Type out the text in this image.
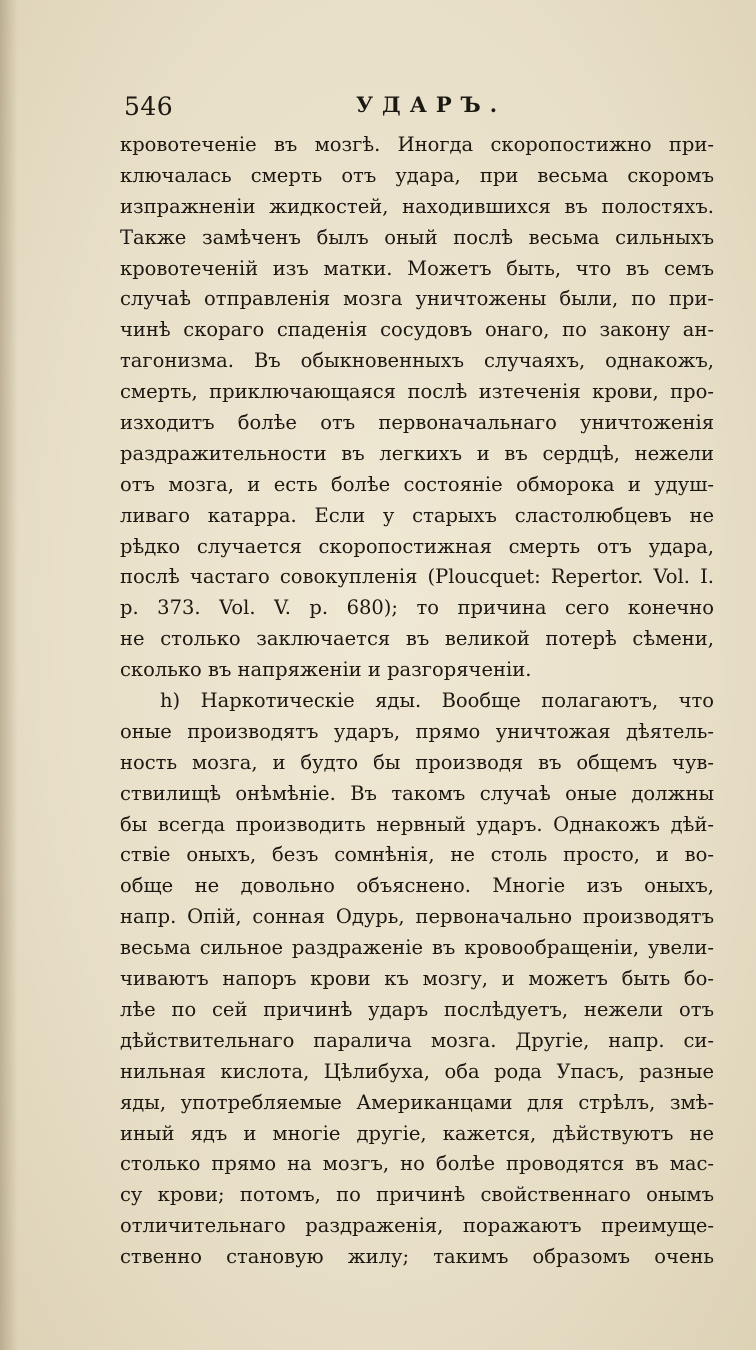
546	УДАРЪ.
кровотеченіе въ мозгѣ. Иногда скоропостижно при-
ключалась смерть отъ удара, при весьма скоромъ
изпражненіи жидкостей, находившихся въ полостяхъ.
Также замѣченъ былъ оный послѣ весьма сильныхъ
кровотеченій изъ матки. Можетъ быть, что въ семъ
случаѣ отправленія мозга уничтожены были, по при-
чинѣ скораго спаденія сосудовъ онаго, по закону ан-
тагонизма. Въ обыкновенныхъ случаяхъ, однакожъ,
смерть, приключающаяся послѣ изтеченія крови, про-
изходитъ болѣе отъ первоначальнаго уничтоженія
раздражительности въ легкихъ и въ сердцѣ, нежели
отъ мозга, и есть болѣе состояніе обморока и удуш-
ливаго катарра. Если у старыхъ сластолюбцевъ не
рѣдко случается скоропостижная смерть отъ удара,
послѣ частаго совокупленія (Ploucquet: Repertor. Vol. I.
p. 373. Vol. V. p. 680); то причина сего конечно
не столько заключается въ великой потерѣ сѣмени,
сколько въ напряженіи и разгоряченіи.
h) Наркотическіе яды. Вообще полагаютъ, что
оные производятъ ударъ, прямо уничтожая дѣятель-
ность мозга, и будто бы производя въ общемъ чув-
ствилищѣ онѣмѣніе. Въ такомъ случаѣ оные должны
бы всегда производить нервный ударъ. Однакожъ дѣй-
ствіе оныхъ, безъ сомнѣнія, не столь просто, и во-
обще не довольно объяснено. Многіе изъ оныхъ,
напр. Опій, сонная Одурь, первоначально производятъ
весьма сильное раздраженіе въ кровообращеніи, увели-
чиваютъ напоръ крови къ мозгу, и можетъ быть бо-
лѣе по сей причинѣ ударъ послѣдуетъ, нежели отъ
дѣйствительнаго паралича мозга. Другіе, напр. си-
нильная кислота, Цѣлибуха, оба рода Упасъ, разные
яды, употребляемые Американцами для стрѣлъ, змѣ-
иный ядъ и многіе другіе, кажется, дѣйствуютъ не
столько прямо на мозгъ, но болѣе проводятся въ мас-
су крови; потомъ, по причинѣ свойственнаго онымъ
отличительнаго раздраженія, поражаютъ преимуще-
ственно становую жилу; такимъ образомъ очень
